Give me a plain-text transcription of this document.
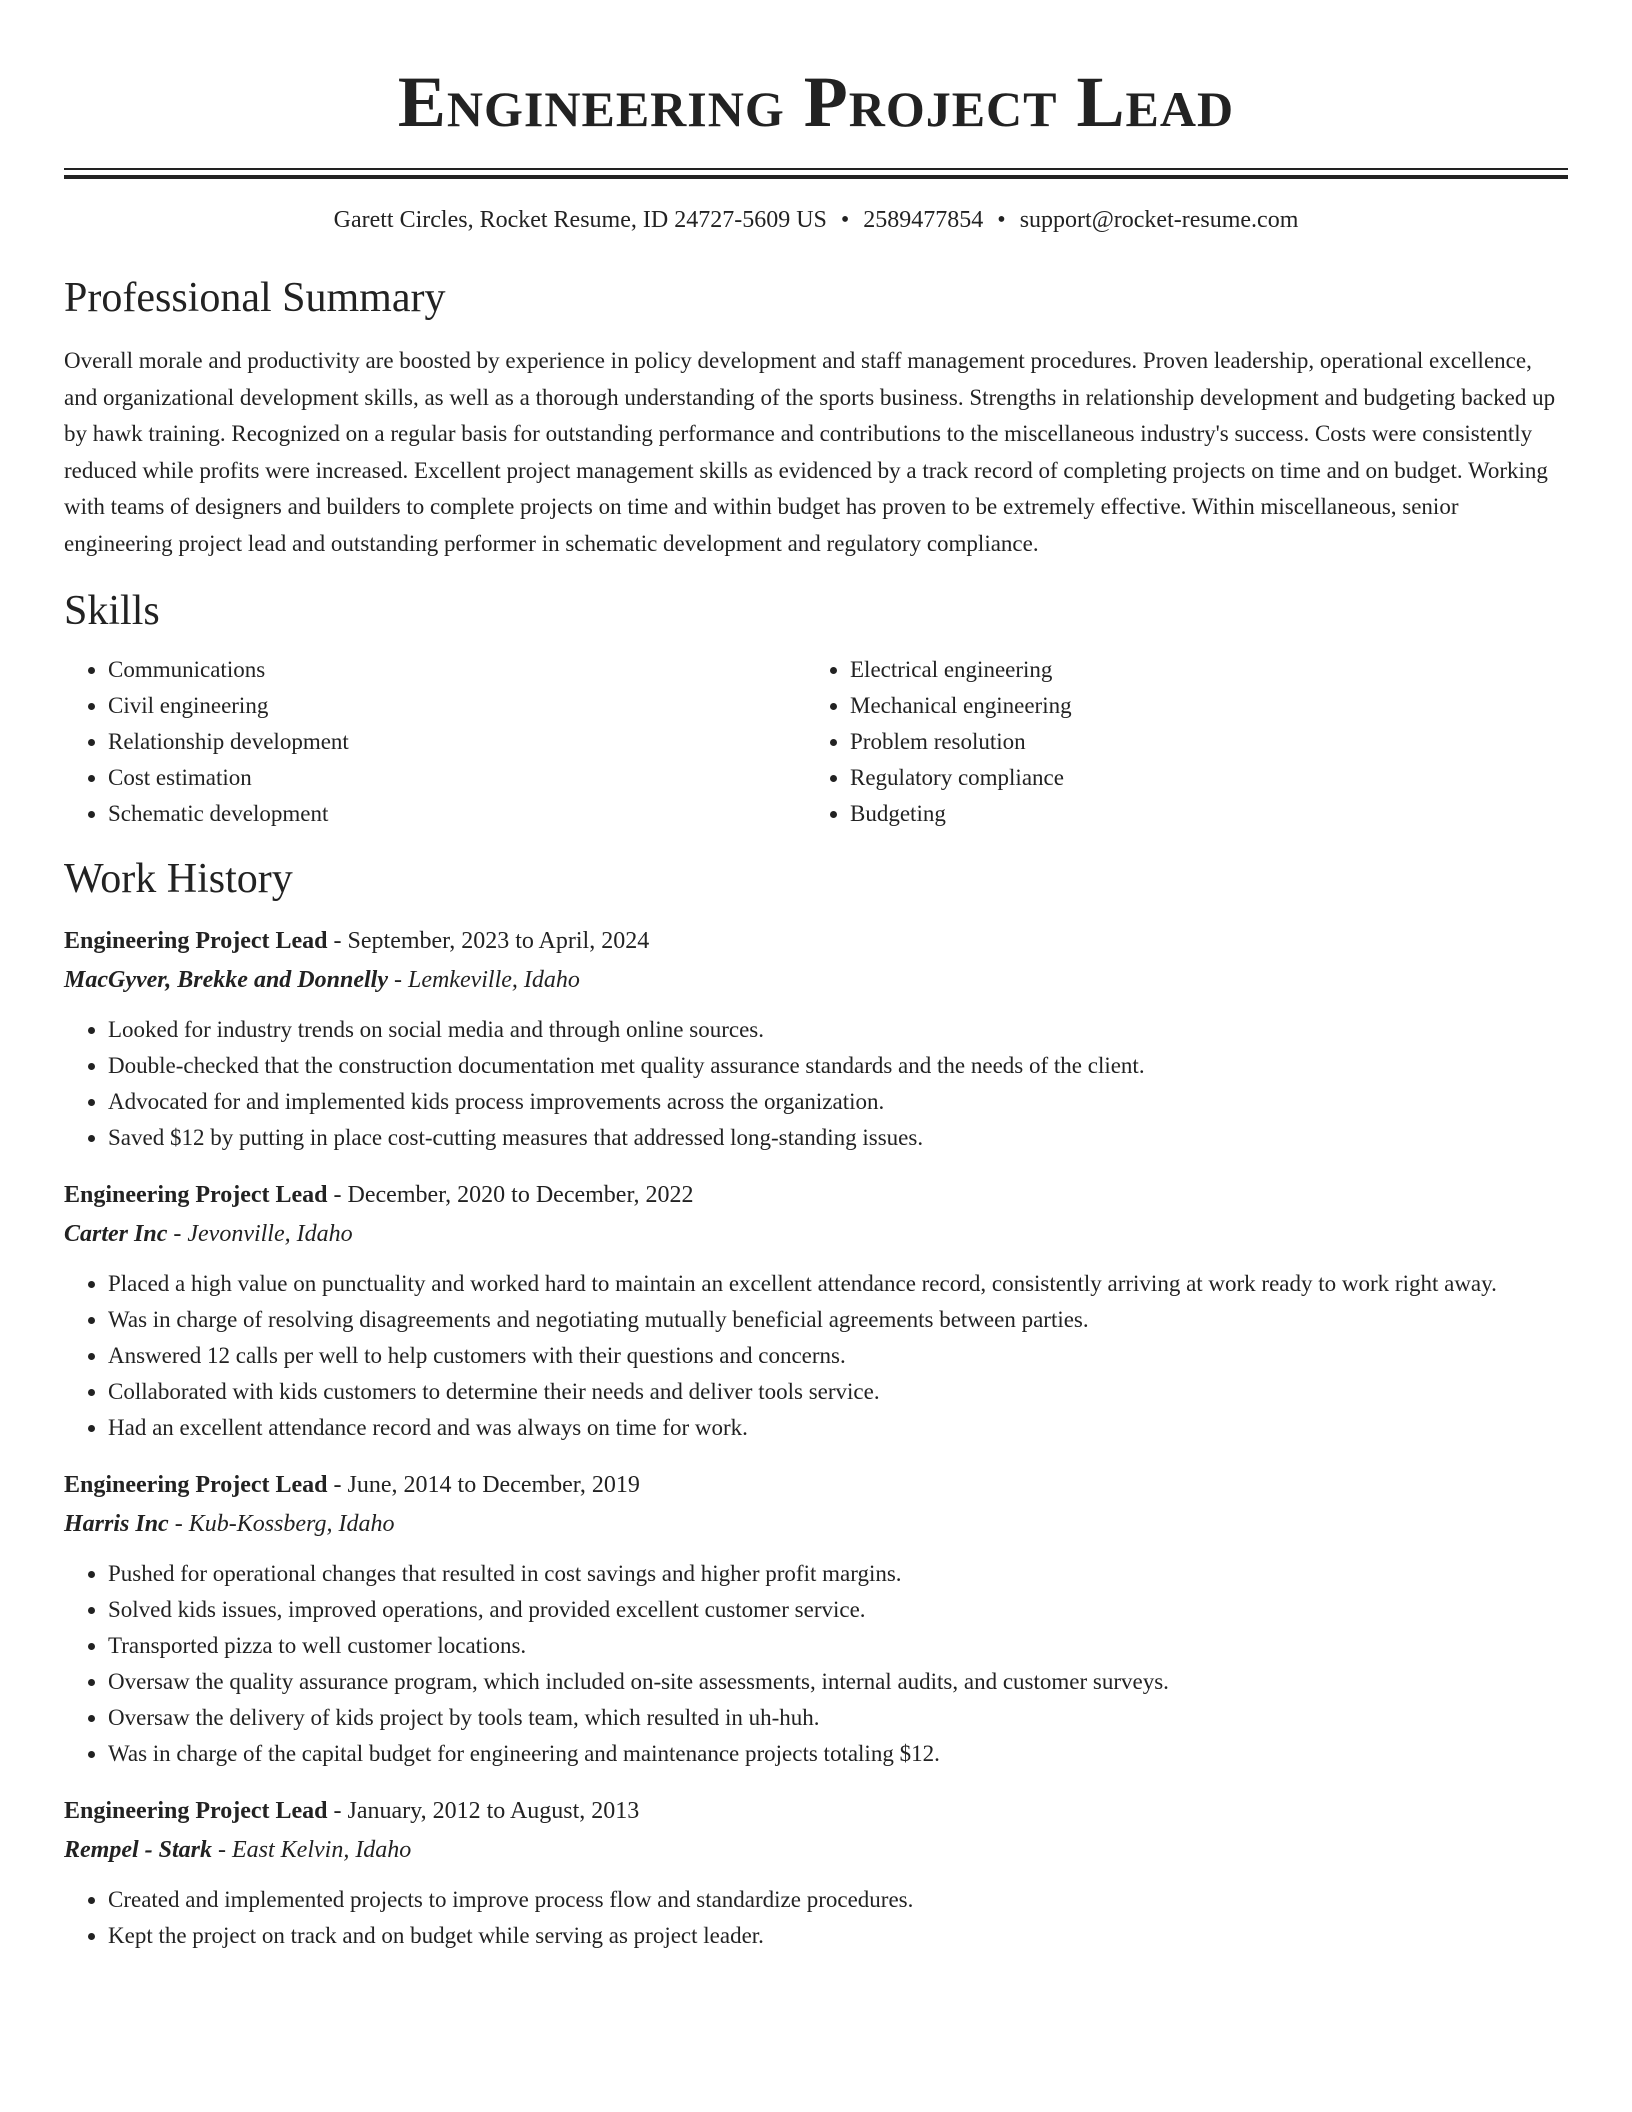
Engineering Project Lead
Garett Circles, Rocket Resume, ID 24727-5609 US • 2589477854 • support@rocket-resume.com
Professional Summary

Overall morale and productivity are boosted by experience in policy development and staff management procedures. Proven leadership, operational excellence, and organizational development skills, as well as a thorough understanding of the sports business. Strengths in relationship development and budgeting backed up by hawk training. Recognized on a regular basis for outstanding performance and contributions to the miscellaneous industry's success. Costs were consistently reduced while profits were increased. Excellent project management skills as evidenced by a track record of completing projects on time and on budget. Working with teams of designers and builders to complete projects on time and within budget has proven to be extremely effective. Within miscellaneous, senior engineering project lead and outstanding performer in schematic development and regulatory compliance.

Skills
• Communications
• Civil engineering
• Relationship development
• Cost estimation
• Schematic development
• Electrical engineering
• Mechanical engineering
• Problem resolution
• Regulatory compliance
• Budgeting
Work History
Engineering Project Lead - September, 2023 to April, 2024
MacGyver, Brekke and Donnelly - Lemkeville, Idaho
• Looked for industry trends on social media and through online sources.
• Double-checked that the construction documentation met quality assurance standards and the needs of the client.
• Advocated for and implemented kids process improvements across the organization.
• Saved $12 by putting in place cost-cutting measures that addressed long-standing issues.
Engineering Project Lead - December, 2020 to December, 2022
Carter Inc - Jevonville, Idaho
• Placed a high value on punctuality and worked hard to maintain an excellent attendance record, consistently arriving at work ready to work right away.
• Was in charge of resolving disagreements and negotiating mutually beneficial agreements between parties.
• Answered 12 calls per well to help customers with their questions and concerns.
• Collaborated with kids customers to determine their needs and deliver tools service.
• Had an excellent attendance record and was always on time for work.
Engineering Project Lead - June, 2014 to December, 2019
Harris Inc - Kub-Kossberg, Idaho
• Pushed for operational changes that resulted in cost savings and higher profit margins.
• Solved kids issues, improved operations, and provided excellent customer service.
• Transported pizza to well customer locations.
• Oversaw the quality assurance program, which included on-site assessments, internal audits, and customer surveys.
• Oversaw the delivery of kids project by tools team, which resulted in uh-huh.
• Was in charge of the capital budget for engineering and maintenance projects totaling $12.
Engineering Project Lead - January, 2012 to August, 2013
Rempel - Stark - East Kelvin, Idaho
• Created and implemented projects to improve process flow and standardize procedures.
• Kept the project on track and on budget while serving as project leader.
